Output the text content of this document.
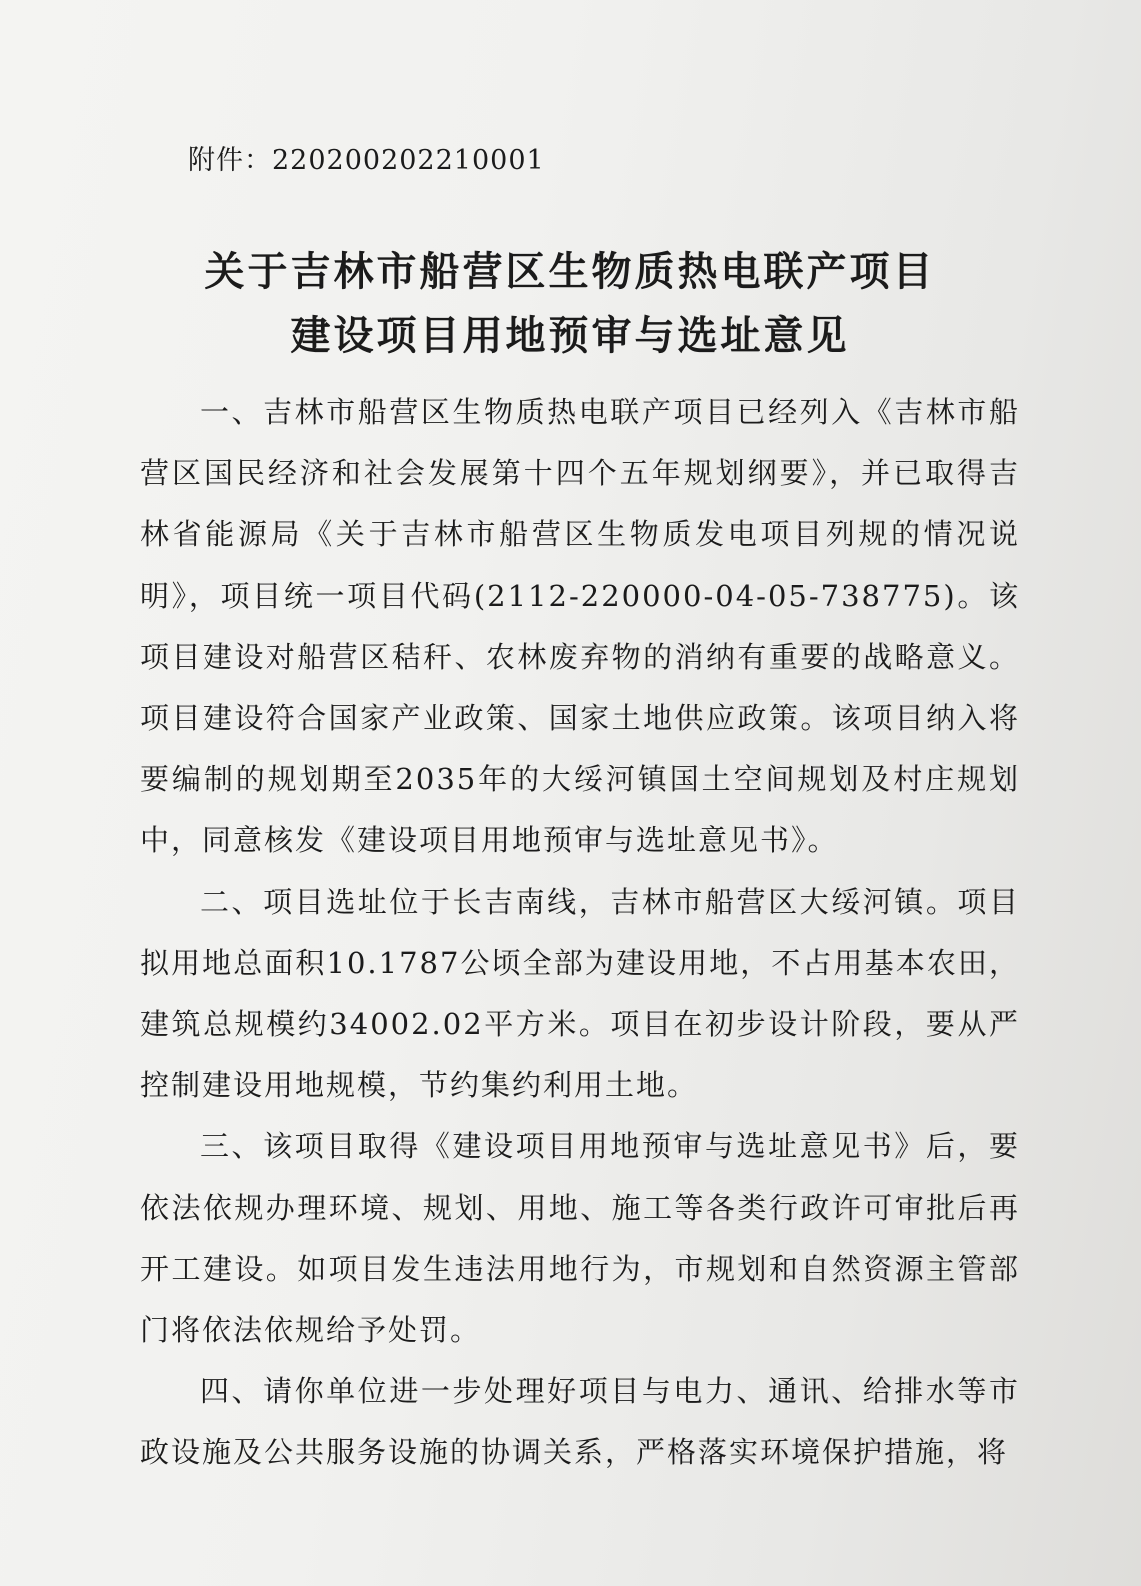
附件：220200202210001
关于吉林市船营区生物质热电联产项目
建设项目用地预审与选址意见

一、吉林市船营区生物质热电联产项目已经列入《吉林市船营区国民经济和社会发展第十四个五年规划纲要》，并已取得吉林省能源局《关于吉林市船营区生物质发电项目列规的情况说明》，项目统一项目代码(2112-220000-04-05-738775)。该项目建设对船营区秸秆、农林废弃物的消纳有重要的战略意义。项目建设符合国家产业政策、国家土地供应政策。该项目纳入将要编制的规划期至2035年的大绥河镇国土空间规划及村庄规划中，同意核发《建设项目用地预审与选址意见书》。

二、项目选址位于长吉南线，吉林市船营区大绥河镇。项目拟用地总面积10.1787公顷全部为建设用地，不占用基本农田，建筑总规模约34002.02平方米。项目在初步设计阶段，要从严控制建设用地规模，节约集约利用土地。

三、该项目取得《建设项目用地预审与选址意见书》后，要依法依规办理环境、规划、用地、施工等各类行政许可审批后再开工建设。如项目发生违法用地行为，市规划和自然资源主管部门将依法依规给予处罚。

四、请你单位进一步处理好项目与电力、通讯、给排水等市政设施及公共服务设施的协调关系，严格落实环境保护措施，将
